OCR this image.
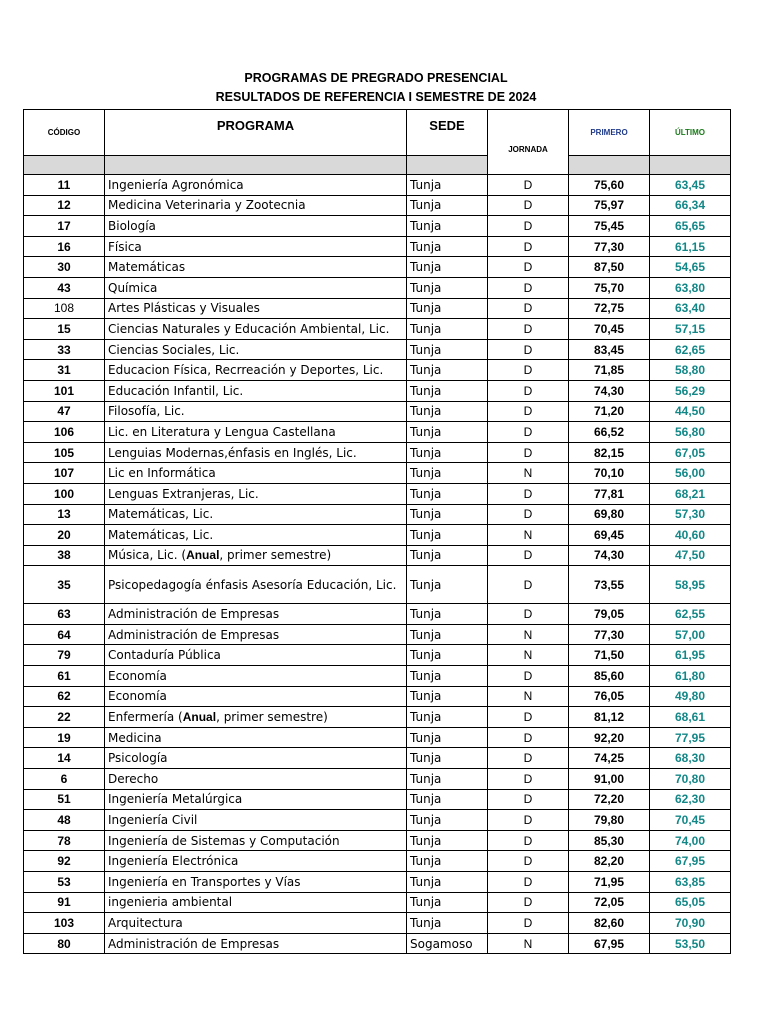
PROGRAMAS DE PREGRADO PRESENCIAL
RESULTADOS DE REFERENCIA I SEMESTRE DE 2024
CÓDIGO	PROGRAMA	SEDE	JORNADA	PRIMERO	ÚLTIMO

11	Ingeniería Agronómica	Tunja	D	75,60	63,45
12	Medicina Veterinaria y Zootecnia	Tunja	D	75,97	66,34
17	Biología	Tunja	D	75,45	65,65
16	Física	Tunja	D	77,30	61,15
30	Matemáticas	Tunja	D	87,50	54,65
43	Química	Tunja	D	75,70	63,80
108	Artes Plásticas y Visuales	Tunja	D	72,75	63,40
15	Ciencias Naturales y Educación Ambiental, Lic.	Tunja	D	70,45	57,15
33	Ciencias Sociales, Lic.	Tunja	D	83,45	62,65
31	Educacion Física, Recrreación y Deportes, Lic.	Tunja	D	71,85	58,80
101	Educación Infantil, Lic.	Tunja	D	74,30	56,29
47	Filosofía, Lic.	Tunja	D	71,20	44,50
106	Lic. en Literatura y Lengua Castellana	Tunja	D	66,52	56,80
105	Lenguias Modernas,énfasis en Inglés, Lic.	Tunja	D	82,15	67,05
107	Lic en Informática	Tunja	N	70,10	56,00
100	Lenguas Extranjeras, Lic.	Tunja	D	77,81	68,21
13	Matemáticas, Lic.	Tunja	D	69,80	57,30
20	Matemáticas, Lic.	Tunja	N	69,45	40,60
38	Música, Lic. (Anual, primer semestre)	Tunja	D	74,30	47,50
35	Psicopedagogía énfasis Asesoría Educación, Lic.	Tunja	D	73,55	58,95
63	Administración de Empresas	Tunja	D	79,05	62,55
64	Administración de Empresas	Tunja	N	77,30	57,00
79	Contaduría Pública	Tunja	N	71,50	61,95
61	Economía	Tunja	D	85,60	61,80
62	Economía	Tunja	N	76,05	49,80
22	Enfermería (Anual, primer semestre)	Tunja	D	81,12	68,61
19	Medicina	Tunja	D	92,20	77,95
14	Psicología	Tunja	D	74,25	68,30
6	Derecho	Tunja	D	91,00	70,80
51	Ingeniería Metalúrgica	Tunja	D	72,20	62,30
48	Ingeniería Civil	Tunja	D	79,80	70,45
78	Ingeniería de Sistemas y Computación	Tunja	D	85,30	74,00
92	Ingeniería Electrónica	Tunja	D	82,20	67,95
53	Ingeniería en Transportes y Vías	Tunja	D	71,95	63,85
91	ingenieria ambiental	Tunja	D	72,05	65,05
103	Arquitectura	Tunja	D	82,60	70,90
80	Administración de Empresas	Sogamoso	N	67,95	53,50
